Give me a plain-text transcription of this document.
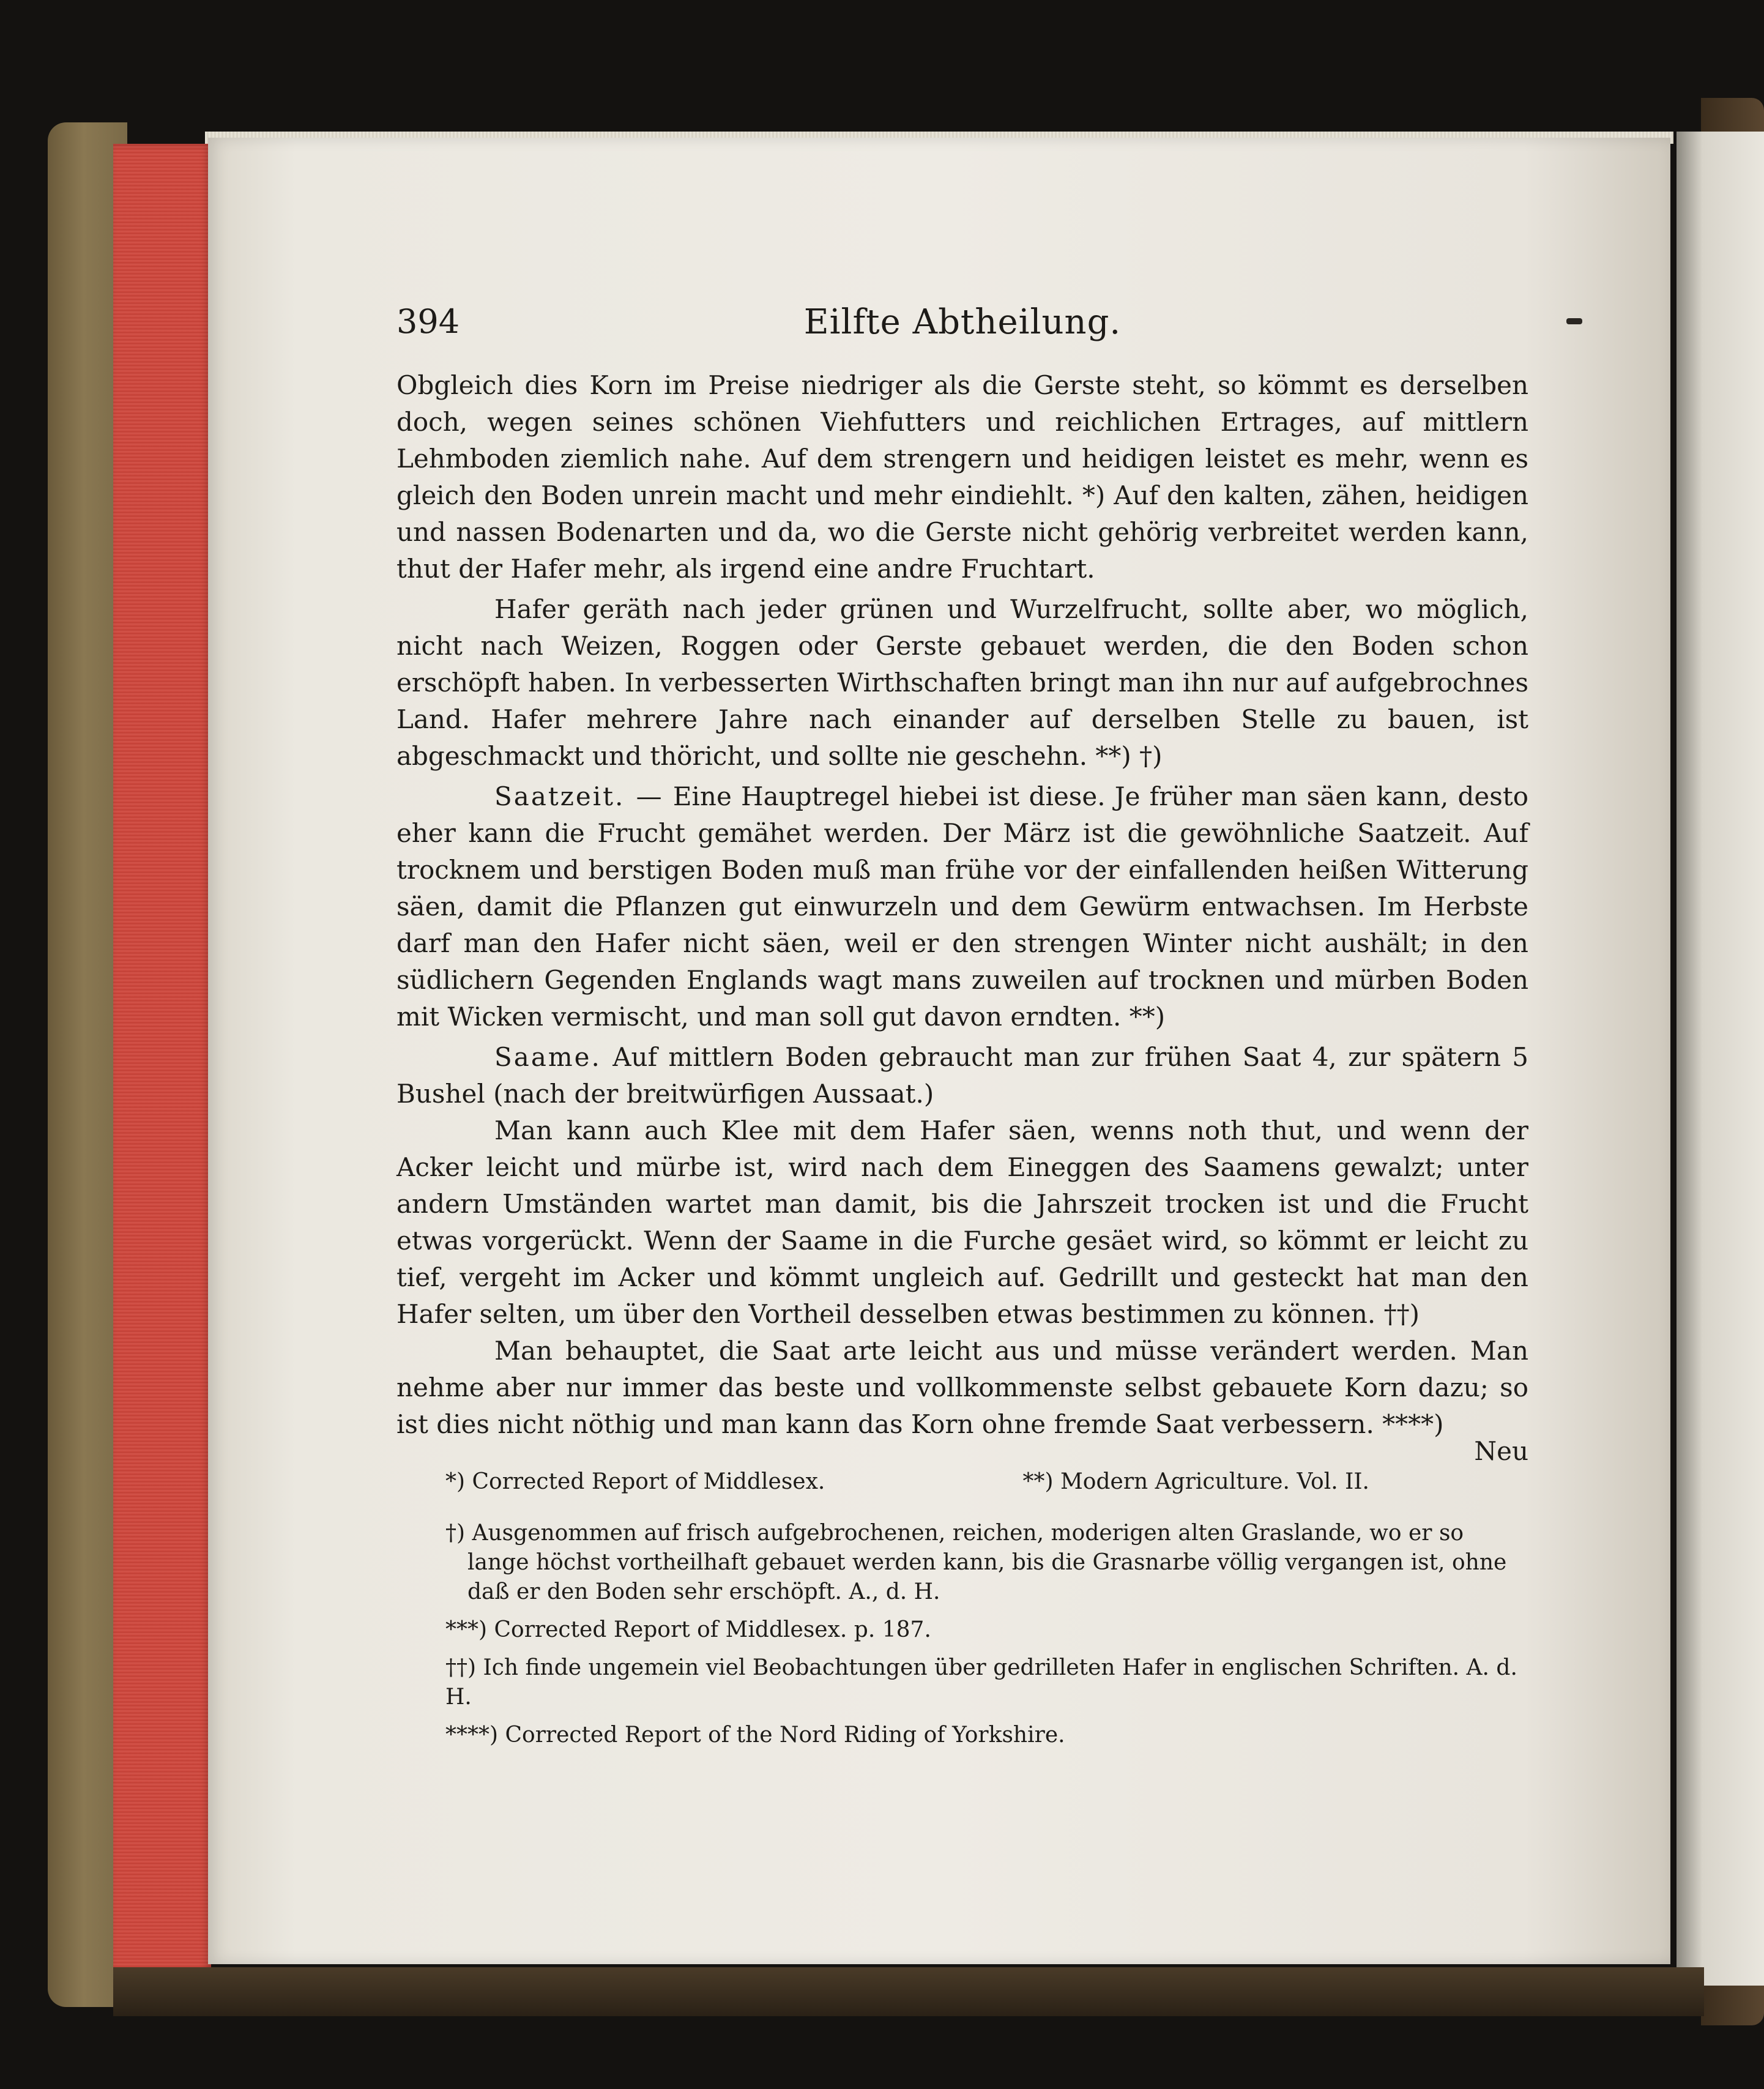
394	Eilfte Abtheilung.

Obgleich dies Korn im Preise niedriger als die Gerste steht, so kömmt es derselben doch, wegen seines schönen Viehfutters und reichlichen Ertrages, auf mittlern Lehmboden ziemlich nahe. Auf dem strengern und heidigen leistet es mehr, wenn es gleich den Boden unrein macht und mehr eindiehlt. *) Auf den kalten, zähen, heidigen und nassen Bodenarten und da, wo die Gerste nicht gehörig verbreitet werden kann, thut der Hafer mehr, als irgend eine andre Fruchtart.

Hafer geräth nach jeder grünen und Wurzelfrucht, sollte aber, wo möglich, nicht nach Weizen, Roggen oder Gerste gebauet werden, die den Boden schon erschöpft haben. In verbesserten Wirthschaften bringt man ihn nur auf aufgebrochnes Land. Hafer mehrere Jahre nach einander auf derselben Stelle zu bauen, ist abgeschmackt und thöricht, und sollte nie geschehn. **) †)

Saatzeit. — Eine Hauptregel hiebei ist diese. Je früher man säen kann, desto eher kann die Frucht gemähet werden. Der März ist die gewöhnliche Saatzeit. Auf trocknem und berstigen Boden muß man frühe vor der einfallenden heißen Witterung säen, damit die Pflanzen gut einwurzeln und dem Gewürm entwachsen. Im Herbste darf man den Hafer nicht säen, weil er den strengen Winter nicht aushält; in den südlichern Gegenden Englands wagt mans zuweilen auf trocknen und mürben Boden mit Wicken vermischt, und man soll gut davon erndten. **)

Saame. Auf mittlern Boden gebraucht man zur frühen Saat 4, zur spätern 5 Bushel (nach der breitwürfigen Aussaat.)

Man kann auch Klee mit dem Hafer säen, wenns noth thut, und wenn der Acker leicht und mürbe ist, wird nach dem Eineggen des Saamens gewalzt; unter andern Umständen wartet man damit, bis die Jahrszeit trocken ist und die Frucht etwas vorgerückt. Wenn der Saame in die Furche gesäet wird, so kömmt er leicht zu tief, vergeht im Acker und kömmt ungleich auf. Gedrillt und gesteckt hat man den Hafer selten, um über den Vortheil desselben etwas bestimmen zu können. ††)

Man behauptet, die Saat arte leicht aus und müsse verändert werden. Man nehme aber nur immer das beste und vollkommenste selbst gebauete Korn dazu; so ist dies nicht nöthig und man kann das Korn ohne fremde Saat verbessern. ****)

Neu
*) Corrected Report of Middlesex.	**) Modern Agriculture. Vol. II.

†) Ausgenommen auf frisch aufgebrochenen, reichen, moderigen alten Graslande, wo er so lange höchst vortheilhaft gebauet werden kann, bis die Grasnarbe völlig vergangen ist, ohne daß er den Boden sehr erschöpft. A., d. H.

***) Corrected Report of Middlesex. p. 187.

††) Ich finde ungemein viel Beobachtungen über gedrilleten Hafer in englischen Schriften. A. d. H.

****) Corrected Report of the Nord Riding of Yorkshire.
